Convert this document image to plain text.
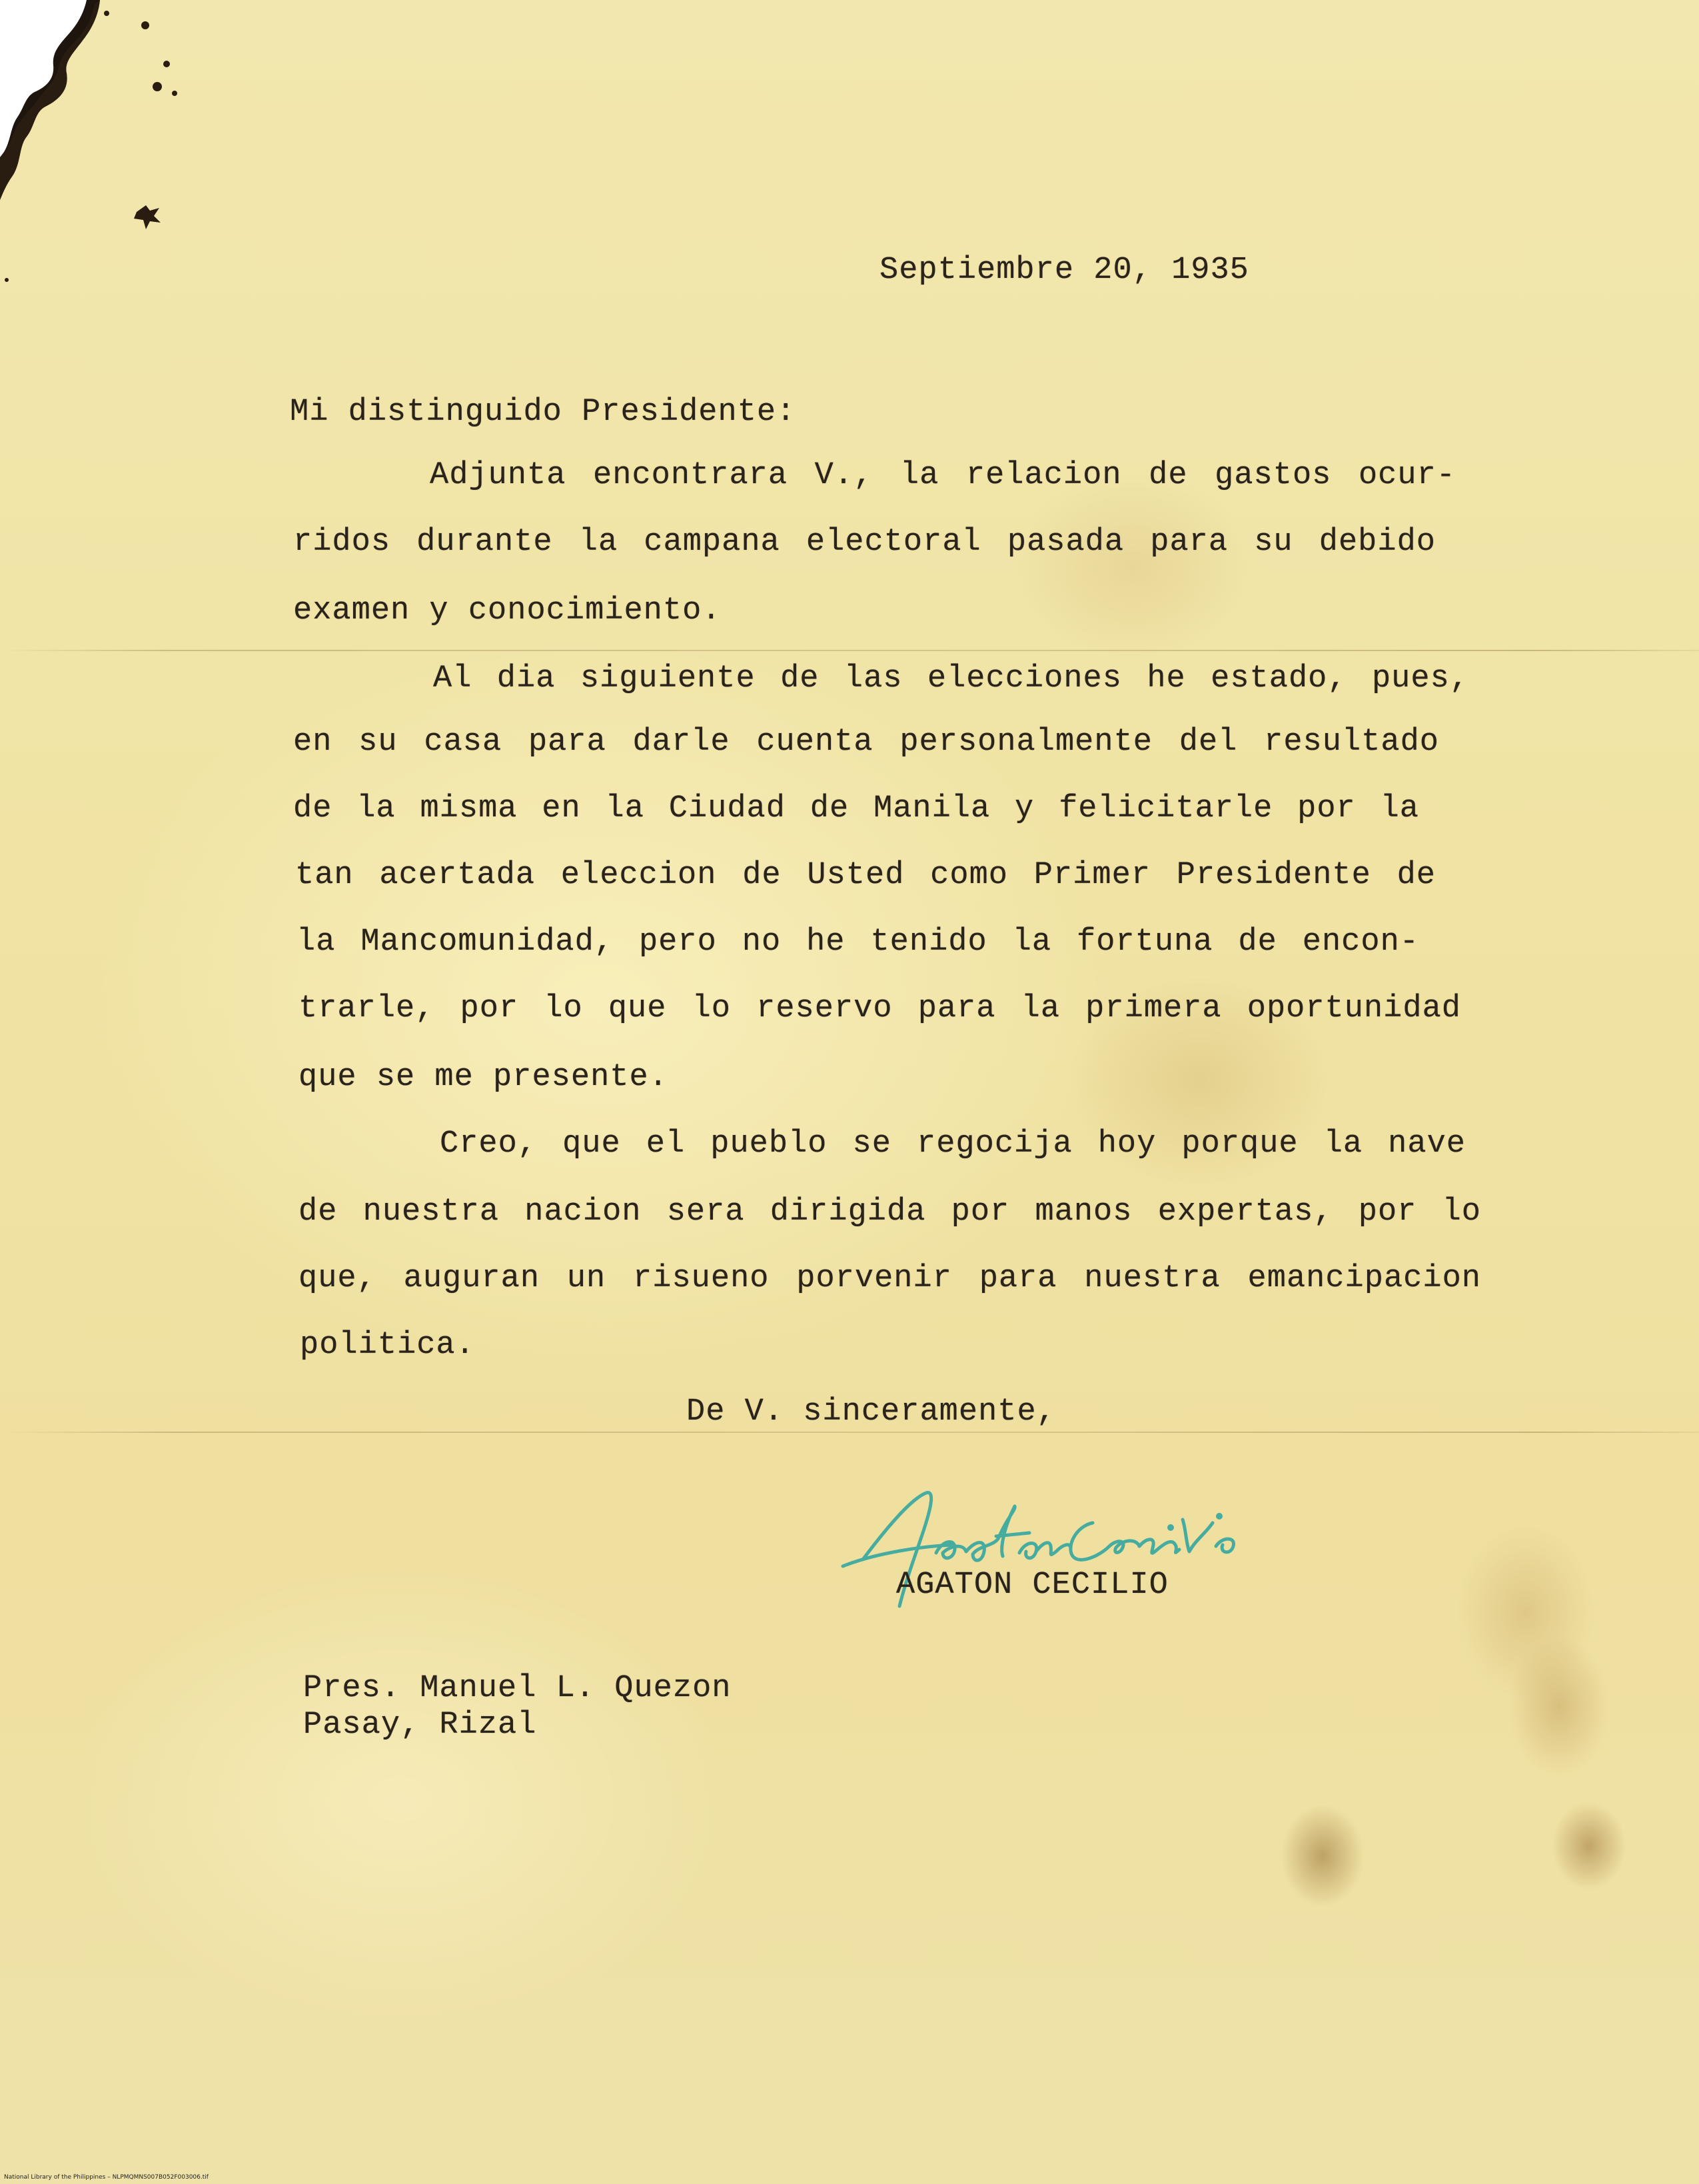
Septiembre 20, 1935

Mi distinguido Presidente:

Adjunta encontrara V., la relacion de gastos ocur-

ridos durante la campana electoral pasada para su debido

examen y conocimiento.

Al dia siguiente de las elecciones he estado, pues,

en su casa para darle cuenta personalmente del resultado

de la misma en la Ciudad de Manila y felicitarle por la

tan acertada eleccion de Usted como Primer Presidente de

la Mancomunidad, pero no he tenido la fortuna de encon-

trarle, por lo que lo reservo para la primera oportunidad

que se me presente.

Creo, que el pueblo se regocija hoy porque la nave

de nuestra nacion sera dirigida por manos expertas, por lo

que, auguran un risueno porvenir para nuestra emancipacion

politica.

De V. sinceramente,

Agaton Cecilio

AGATON CECILIO

Pres. Manuel L. Quezon

Pasay, Rizal

National Library of the Philippines – NLPMQMNS007B052F003006.tif
